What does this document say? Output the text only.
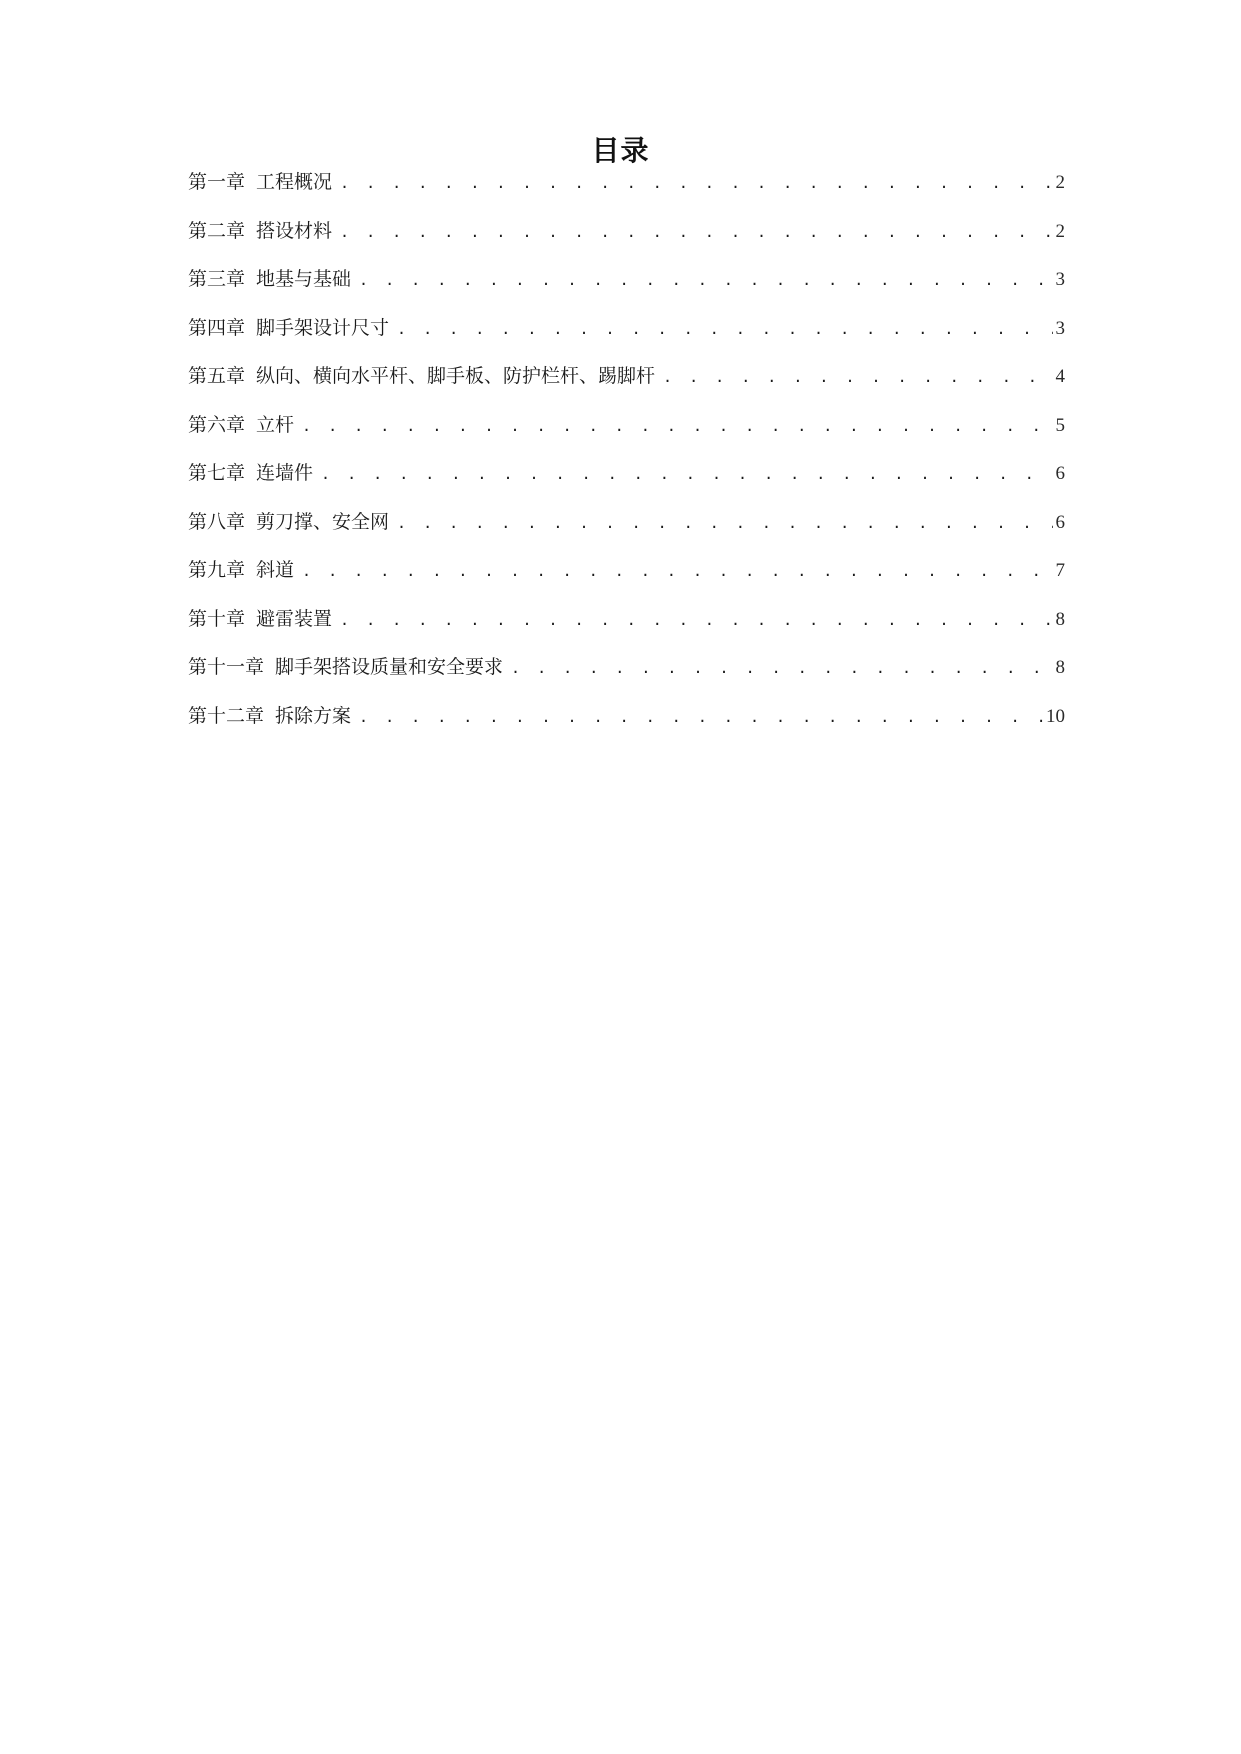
目录
第一章 工程概况 . . .	2
第二章 搭设材料 . . .	2
第三章 地基与基础 . . .	3
第四章 脚手架设计尺寸 . . .	3
第五章 纵向、横向水平杆、脚手板、防护栏杆、踢脚杆 . . .	4
第六章 立杆 . . .	5
第七章 连墙件 . . .	6
第八章 剪刀撑、安全网 . . .	6
第九章 斜道 . . .	7
第十章 避雷装置 . . .	8
第十一章 脚手架搭设质量和安全要求 . . .	8
第十二章 拆除方案 . . .	10
